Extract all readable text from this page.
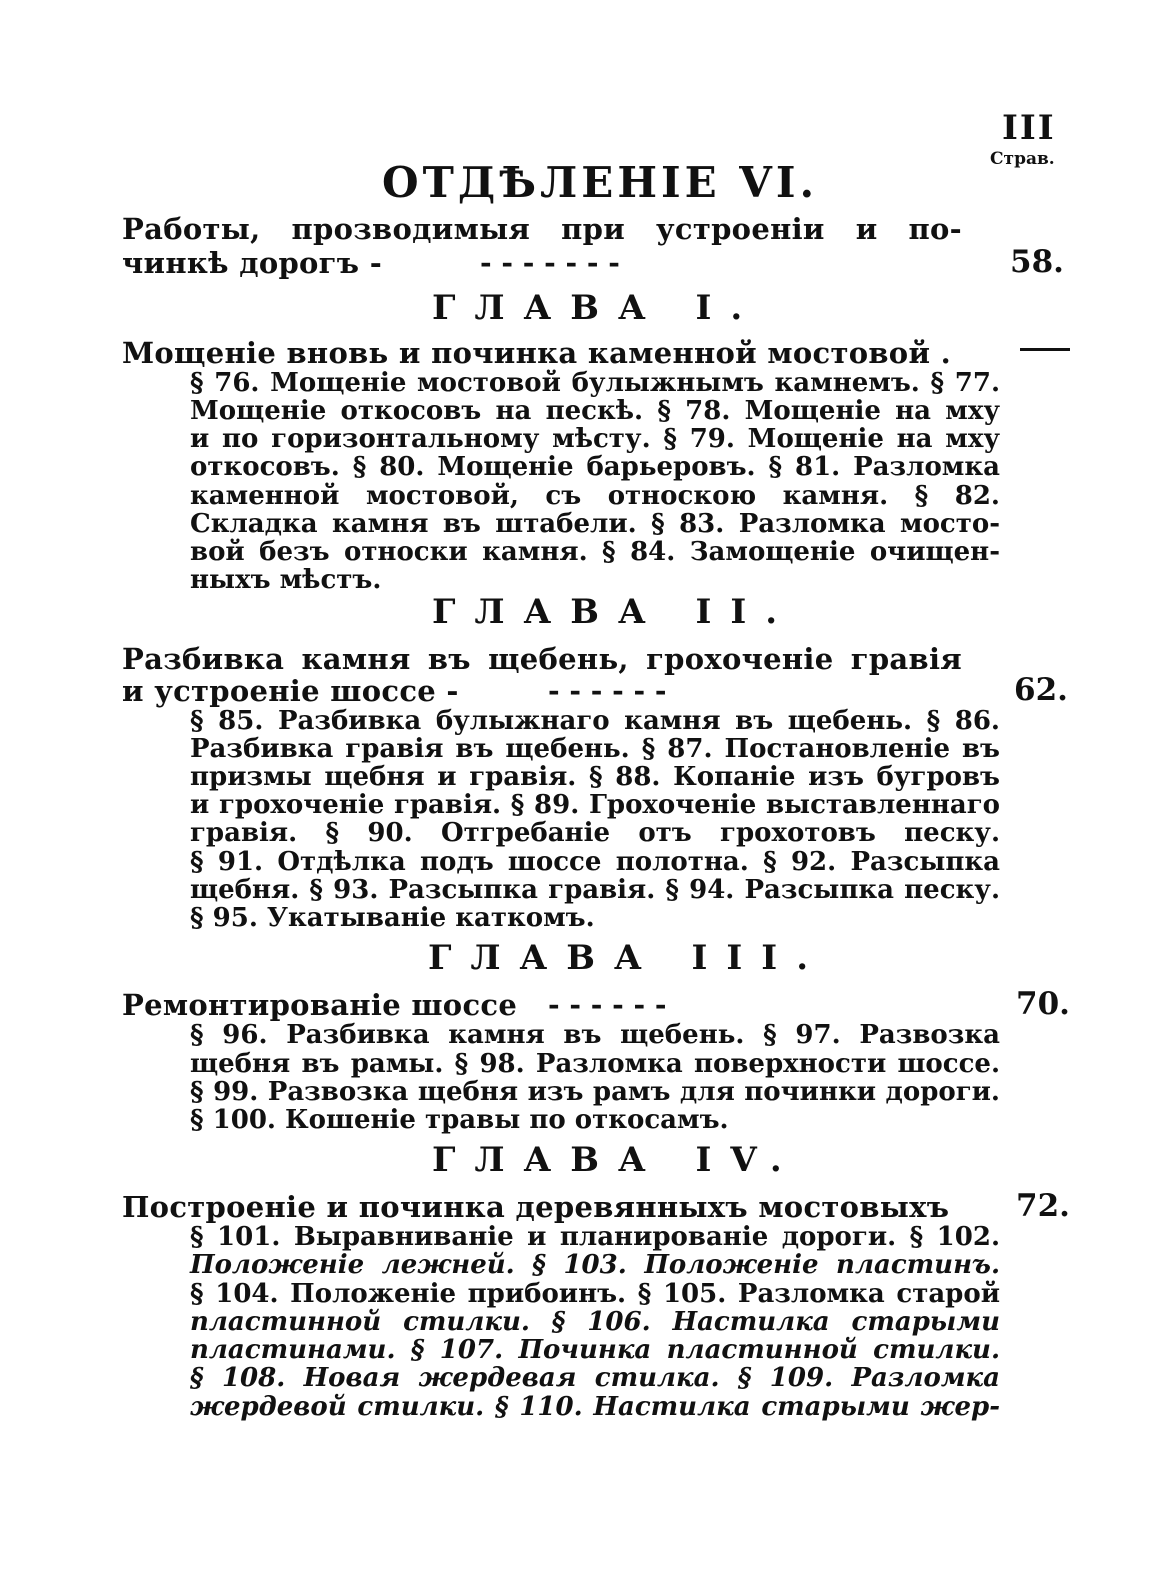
III
Страв.
ОТДѢЛЕНІЕ VI.
Работы, прозводимыя при устроеніи и по-
чинкѣ дорогъ -	- - - - - - -	58.
ГЛАВА I.
Мощеніе вновь и починка каменной мостовой .
§ 76. Мощеніе мостовой булыжнымъ камнемъ. § 77.
Мощеніе откосовъ на пескѣ. § 78. Мощеніе на мху
и по горизонтальному мѣсту. § 79. Мощеніе на мху
откосовъ. § 80. Мощеніе барьеровъ. § 81. Разломка
каменной мостовой, съ относкою камня. § 82.
Складка камня въ штабели. § 83. Разломка мосто-
вой безъ относки камня. § 84. Замощеніе очищен-
ныхъ мѣстъ.
ГЛАВА II.
Разбивка камня въ щебень, грохоченіе гравія
и устроеніе шоссе -	- - - - - -	62.
§ 85. Разбивка булыжнаго камня въ щебень. § 86.
Разбивка гравія въ щебень. § 87. Постановленіе въ
призмы щебня и гравія. § 88. Копаніе изъ бугровъ
и грохоченіе гравія. § 89. Грохоченіе выставленнаго
гравія. § 90. Отгребаніе отъ грохотовъ песку.
§ 91. Отдѣлка подъ шоссе полотна. § 92. Разсыпка
щебня. § 93. Разсыпка гравія. § 94. Разсыпка песку.
§ 95. Укатываніе каткомъ.
ГЛАВА III.
Ремонтированіе шоссе - - - - - -	70.
§ 96. Разбивка камня въ щебень. § 97. Развозка
щебня въ рамы. § 98. Разломка поверхности шоссе.
§ 99. Развозка щебня изъ рамъ для починки дороги.
§ 100. Кошеніе травы по откосамъ.
ГЛАВА IV.
Построеніе и починка деревянныхъ мостовыхъ 72.
§ 101. Выравниваніе и планированіе дороги. § 102.
Положеніе лежней. § 103. Положеніе пластинъ.
§ 104. Положеніе прибоинъ. § 105. Разломка старой
пластинной стилки. § 106. Настилка старыми
пластинами. § 107. Починка пластинной стилки.
§ 108. Новая жердевая стилка. § 109. Разломка
жердевой стилки. § 110. Настилка старыми жер-
